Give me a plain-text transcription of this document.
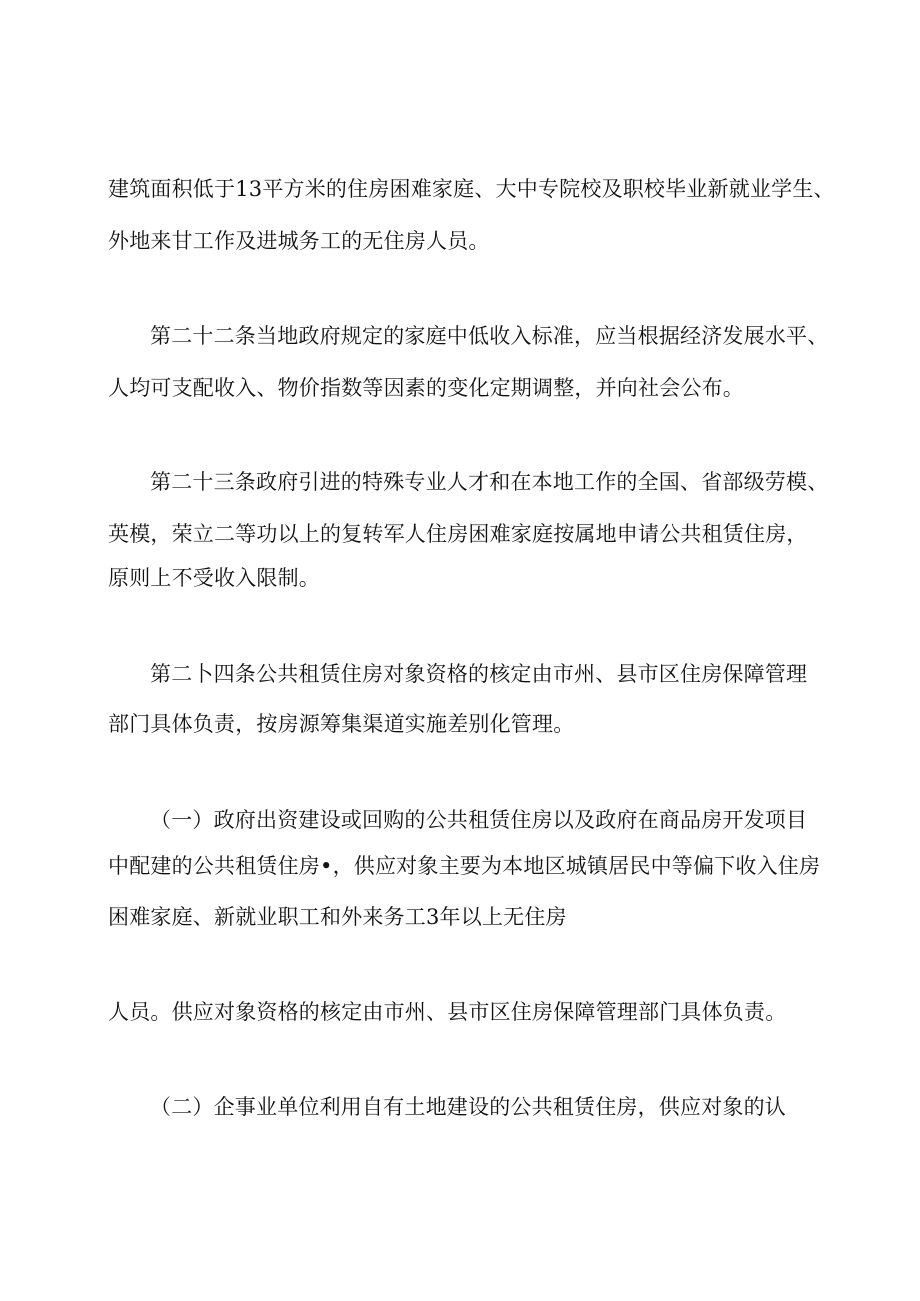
建筑面积低于13平方米的住房困难家庭、大中专院校及职校毕业新就业学生、
外地来甘工作及进城务工的无住房人员。
第二十二条当地政府规定的家庭中低收入标准，应当根据经济发展水平、
人均可支配收入、物价指数等因素的变化定期调整，并向社会公布。
第二十三条政府引进的特殊专业人才和在本地工作的全国、省部级劳模、
英模，荣立二等功以上的复转军人住房困难家庭按属地申请公共租赁住房，
原则上不受收入限制。
第二卜四条公共租赁住房对象资格的核定由市州、县市区住房保障管理
部门具体负责，按房源筹集渠道实施差别化管理。
（一）政府出资建设或回购的公共租赁住房以及政府在商品房开发项目
中配建的公共租赁住房•，供应对象主要为本地区城镇居民中等偏下收入住房
困难家庭、新就业职工和外来务工3年以上无住房
人员。供应对象资格的核定由市州、县市区住房保障管理部门具体负责。
（二）企事业单位利用自有土地建设的公共租赁住房，供应对象的认
